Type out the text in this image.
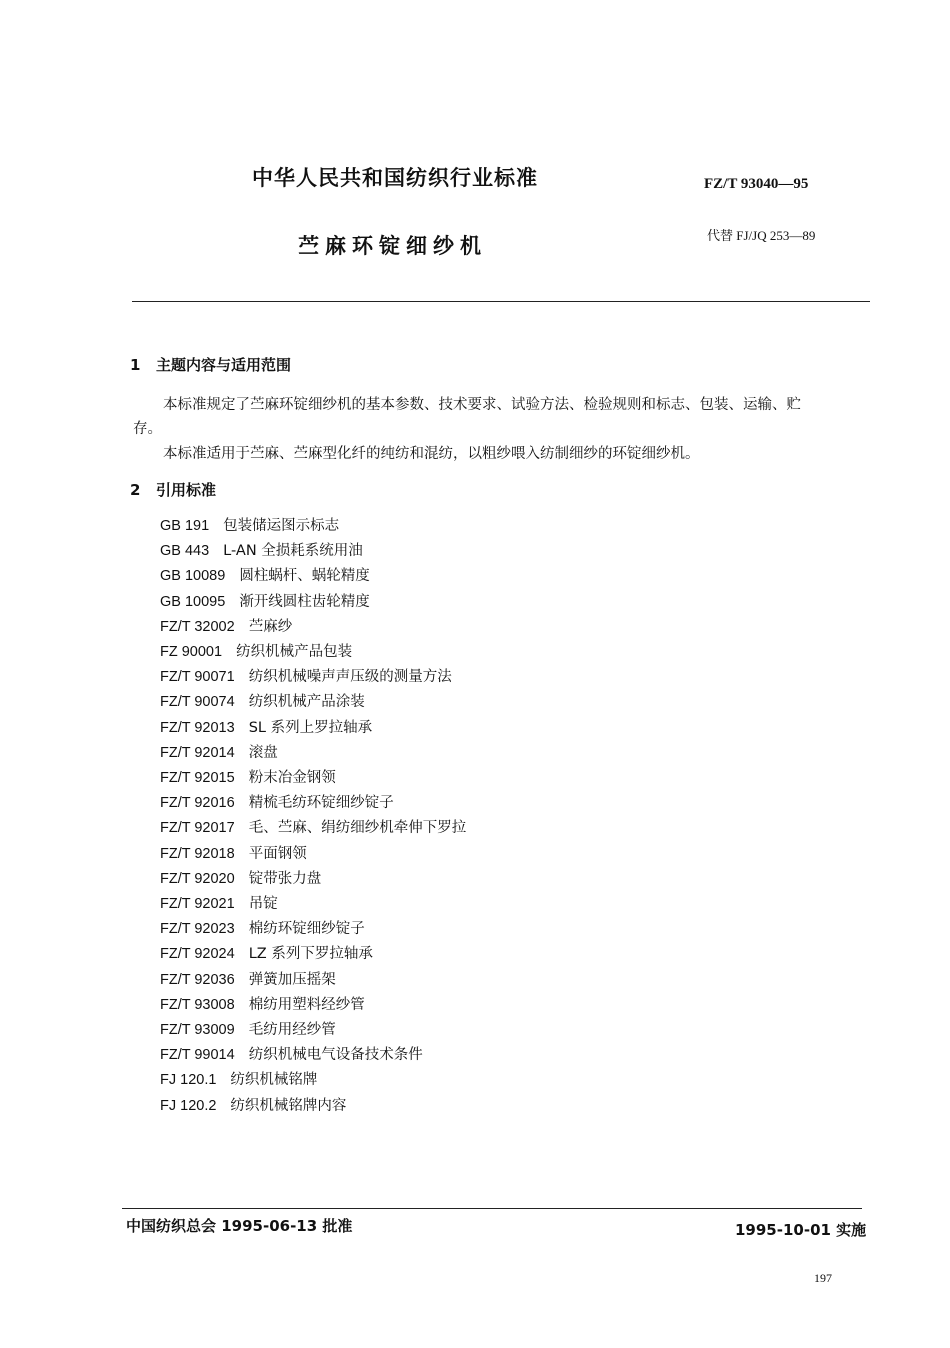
中华人民共和国纺织行业标准	FZ/T 93040—95
苎麻环锭细纱机	代替 FJ/JQ 253—89
1 主题内容与适用范围
本标准规定了苎麻环锭细纱机的基本参数、技术要求、试验方法、检验规则和标志、包装、运输、贮
存。
本标准适用于苎麻、苎麻型化纤的纯纺和混纺，以粗纱喂入纺制细纱的环锭细纱机。
2 引用标准
GB 191 包装储运图示标志
GB 443 L-AN 全损耗系统用油
GB 10089 圆柱蜗杆、蜗轮精度
GB 10095 渐开线圆柱齿轮精度
FZ/T 32002 苎麻纱
FZ 90001 纺织机械产品包装
FZ/T 90071 纺织机械噪声声压级的测量方法
FZ/T 90074 纺织机械产品涂装
FZ/T 92013 SL 系列上罗拉轴承
FZ/T 92014 滚盘
FZ/T 92015 粉末冶金钢领
FZ/T 92016 精梳毛纺环锭细纱锭子
FZ/T 92017 毛、苎麻、绢纺细纱机牵伸下罗拉
FZ/T 92018 平面钢领
FZ/T 92020 锭带张力盘
FZ/T 92021 吊锭
FZ/T 92023 棉纺环锭细纱锭子
FZ/T 92024 LZ 系列下罗拉轴承
FZ/T 92036 弹簧加压摇架
FZ/T 93008 棉纺用塑料经纱管
FZ/T 93009 毛纺用经纱管
FZ/T 99014 纺织机械电气设备技术条件
FJ 120.1 纺织机械铭牌
FJ 120.2 纺织机械铭牌内容
中国纺织总会 1995-06-13 批准	1995-10-01 实施
197
